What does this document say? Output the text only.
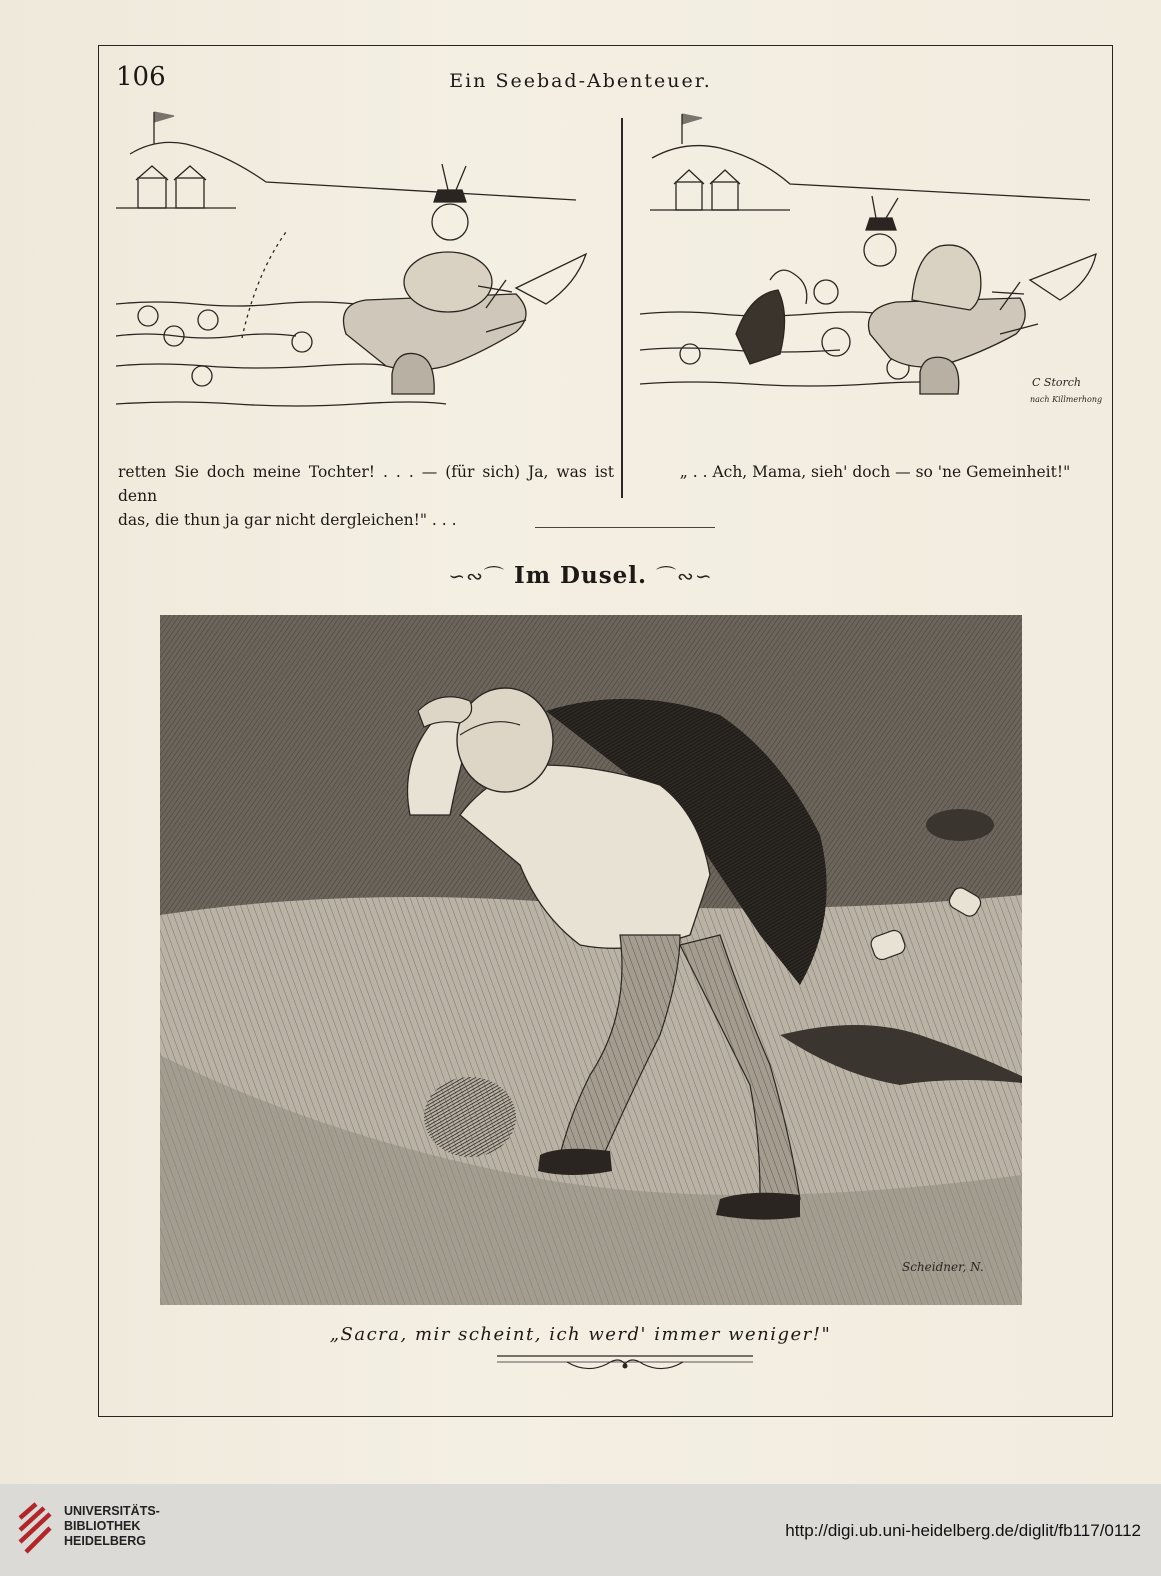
106	Ein Seebad-Abenteuer.
C Storch
nach Killmerhong
retten Sie doch meine Tochter! . . . — (für sich) Ja, was ist denn
das, die thun ja gar nicht dergleichen!" . . .
„ . . Ach, Mama, sieh' doch — so 'ne Gemeinheit!"
∽∾⌒ Im Dusel. ⌒∾∽
Scheidner, N.
„Sacra, mir scheint, ich werd' immer weniger!"
UNIVERSITÄTS-
BIBLIOTHEK
HEIDELBERG
http://digi.ub.uni-heidelberg.de/diglit/fb117/0112
